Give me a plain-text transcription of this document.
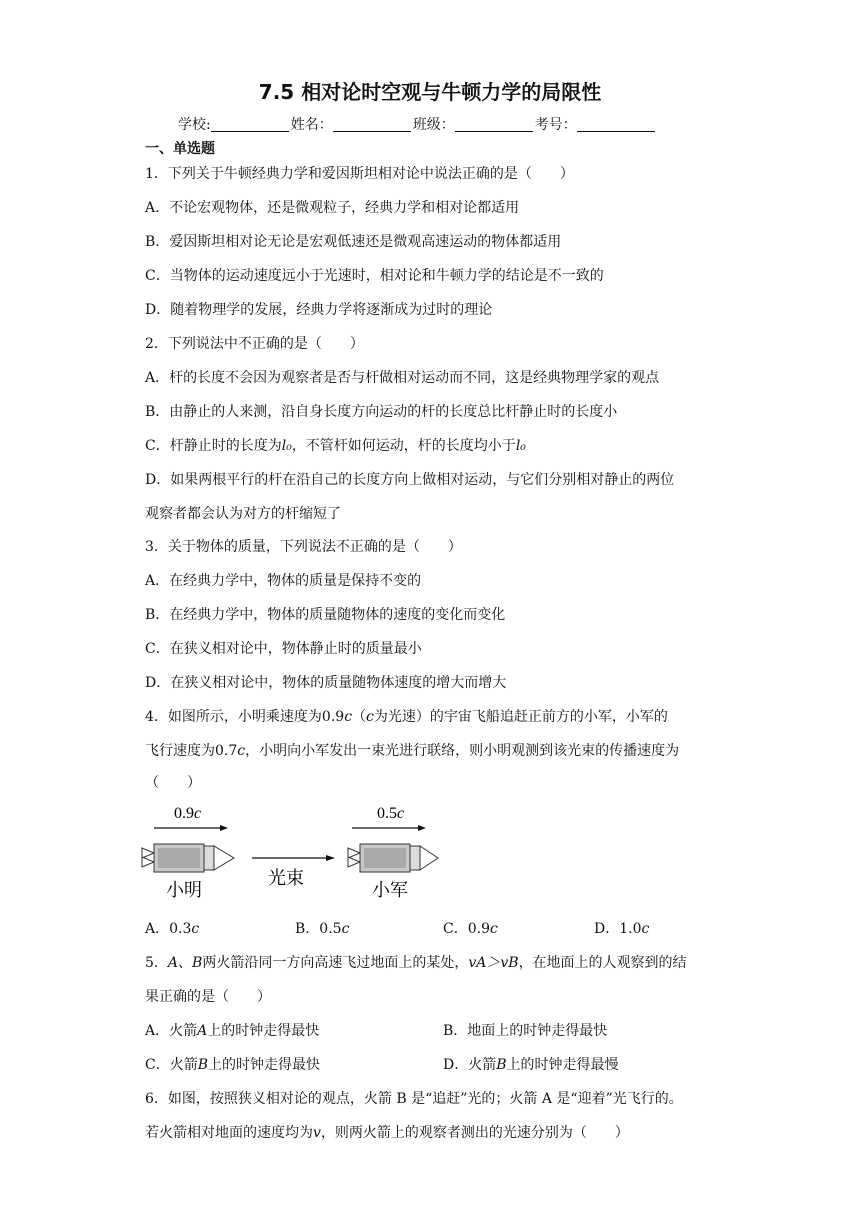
7.5 相对论时空观与牛顿力学的局限性
学校:	姓名：	班级：	考号：
一、单选题
1．下列关于牛顿经典力学和爱因斯坦相对论中说法正确的是（　　）
A．不论宏观物体，还是微观粒子，经典力学和相对论都适用
B．爱因斯坦相对论无论是宏观低速还是微观高速运动的物体都适用
C．当物体的运动速度远小于光速时，相对论和牛顿力学的结论是不一致的
D．随着物理学的发展，经典力学将逐渐成为过时的理论
2．下列说法中不正确的是（　　）
A．杆的长度不会因为观察者是否与杆做相对运动而不同，这是经典物理学家的观点
B．由静止的人来测，沿自身长度方向运动的杆的长度总比杆静止时的长度小
C．杆静止时的长度为l₀，不管杆如何运动，杆的长度均小于l₀
D．如果两根平行的杆在沿自己的长度方向上做相对运动，与它们分别相对静止的两位
观察者都会认为对方的杆缩短了
3．关于物体的质量，下列说法不正确的是（　　）
A．在经典力学中，物体的质量是保持不变的
B．在经典力学中，物体的质量随物体的速度的变化而变化
C．在狭义相对论中，物体静止时的质量最小
D．在狭义相对论中，物体的质量随物体速度的增大而增大
4．如图所示，小明乘速度为0.9c（c为光速）的宇宙飞船追赶正前方的小军，小军的
飞行速度为0.7c，小明向小军发出一束光进行联络，则小明观测到该光束的传播速度为
（　　）
0.9c	0.5c
小明
光束
小军
A．0.3c	B．0.5c	C．0.9c	D．1.0c
5．A、B两火箭沿同一方向高速飞过地面上的某处，vA＞vB，在地面上的人观察到的结
果正确的是（　　）
A．火箭A上的时钟走得最快	B．地面上的时钟走得最快
C．火箭B上的时钟走得最快	D．火箭B上的时钟走得最慢
6．如图，按照狭义相对论的观点，火箭 B 是“追赶”光的；火箭 A 是“迎着”光飞行的。
若火箭相对地面的速度均为v，则两火箭上的观察者测出的光速分别为（　　）
